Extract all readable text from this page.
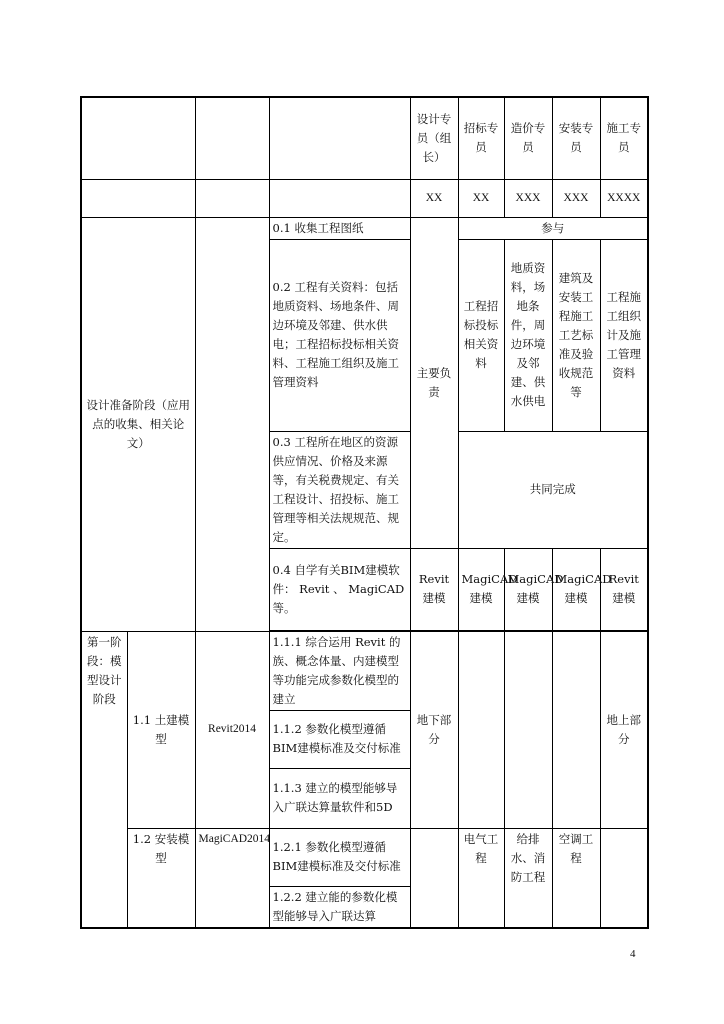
				设计专员（组长）	招标专员	造价专员	安装专员	施工专员
				XX	XX	XXX	XXX	XXXX
设计准备阶段（应用点的收集、相关论文）			0.1 收集工程图纸	主要负责	参与			
			0.2 工程有关资料：包括地质资料、场地条件、周边环境及邻建、供水供电；工程招标投标相关资料、工程施工组织及施工管理资料		工程招标投标相关资料	地质资料，场地条件，周边环境及邻建、供水供电	建筑及安装工程施工工艺标准及验收规范等	工程施工组织计及施工管理资料
			0.3 工程所在地区的资源供应情况、价格及来源等，有关税费规定、有关工程设计、招投标、施工管理等相关法规规范、规定。		共同完成			
			0.4 自学有关BIM建模软件： Revit 、 MagiCAD等。	Revit建模	MagiCAD建模	MagiCAD 建模	MagiCAD建模	Revit建模

第一阶段：模型设计阶段	1.1 土建模型	Revit2014	1.1.1 综合运用 Revit 的族、概念体量、内建模型等功能完成参数化模型的建立	地下部分				地上部分
			1.1.2 参数化模型遵循BIM建模标准及交付标准					
			1.1.3 建立的模型能够导入广联达算量软件和5D					
	1.2 安装模型	MagiCAD2014	1.2.1 参数化模型遵循BIM建模标准及交付标准		电气工程	给排水、消防工程	空调工程	
			1.2.2 建立能的参数化模型能够导入广联达算					
4
